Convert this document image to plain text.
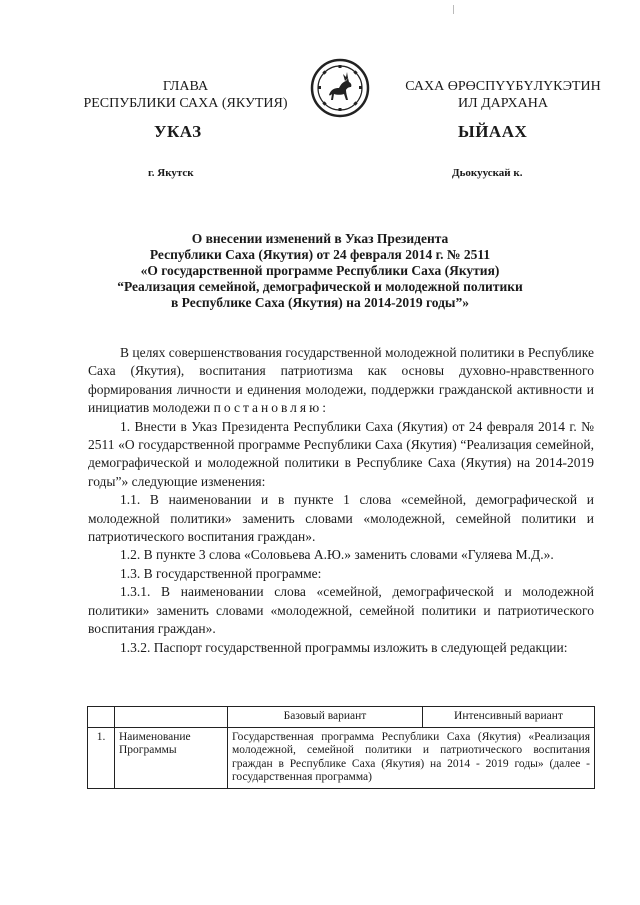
ГЛАВА
РЕСПУБЛИКИ САХА (ЯКУТИЯ)
САХА ӨРӨСПҮҮБҮЛҮКЭТИН
ИЛ ДАРХАНА
УКАЗ	ЫЙААХ
г. Якутск	Дьокуускай к.
О внесении изменений в Указ Президента
Республики Саха (Якутия) от 24 февраля 2014 г. № 2511
«О государственной программе Республики Саха (Якутия)
“Реализация семейной, демографической и молодежной политики
в Республике Саха (Якутия) на 2014-2019 годы”»

В целях совершенствования государственной молодежной политики в Республике Саха (Якутия), воспитания патриотизма как основы духовно-нравственного формирования личности и единения молодежи, поддержки гражданской активности и инициатив молодежи постановляю:

1. Внести в Указ Президента Республики Саха (Якутия) от 24 февраля 2014 г. № 2511 «О государственной программе Республики Саха (Якутия) “Реализация семейной, демографической и молодежной политики в Республике Саха (Якутия) на 2014-2019 годы”» следующие изменения:

1.1. В наименовании и в пункте 1 слова «семейной, демографической и молодежной политики» заменить словами «молодежной, семейной политики и патриотического воспитания граждан».

1.2. В пункте 3 слова «Соловьева А.Ю.» заменить словами «Гуляева М.Д.».

1.3. В государственной программе:

1.3.1. В наименовании слова «семейной, демографической и молодежной политики» заменить словами «молодежной, семейной политики и патриотического воспитания граждан».

1.3.2. Паспорт государственной программы изложить в следующей редакции:

		Базовый вариант	Интенсивный вариант
1.	Наименование Программы	Государственная программа Республики Саха (Якутия) «Реализация молодежной, семейной политики и патриотического воспитания граждан в Республике Саха (Якутия) на 2014 - 2019 годы» (далее - государственная программа)	
